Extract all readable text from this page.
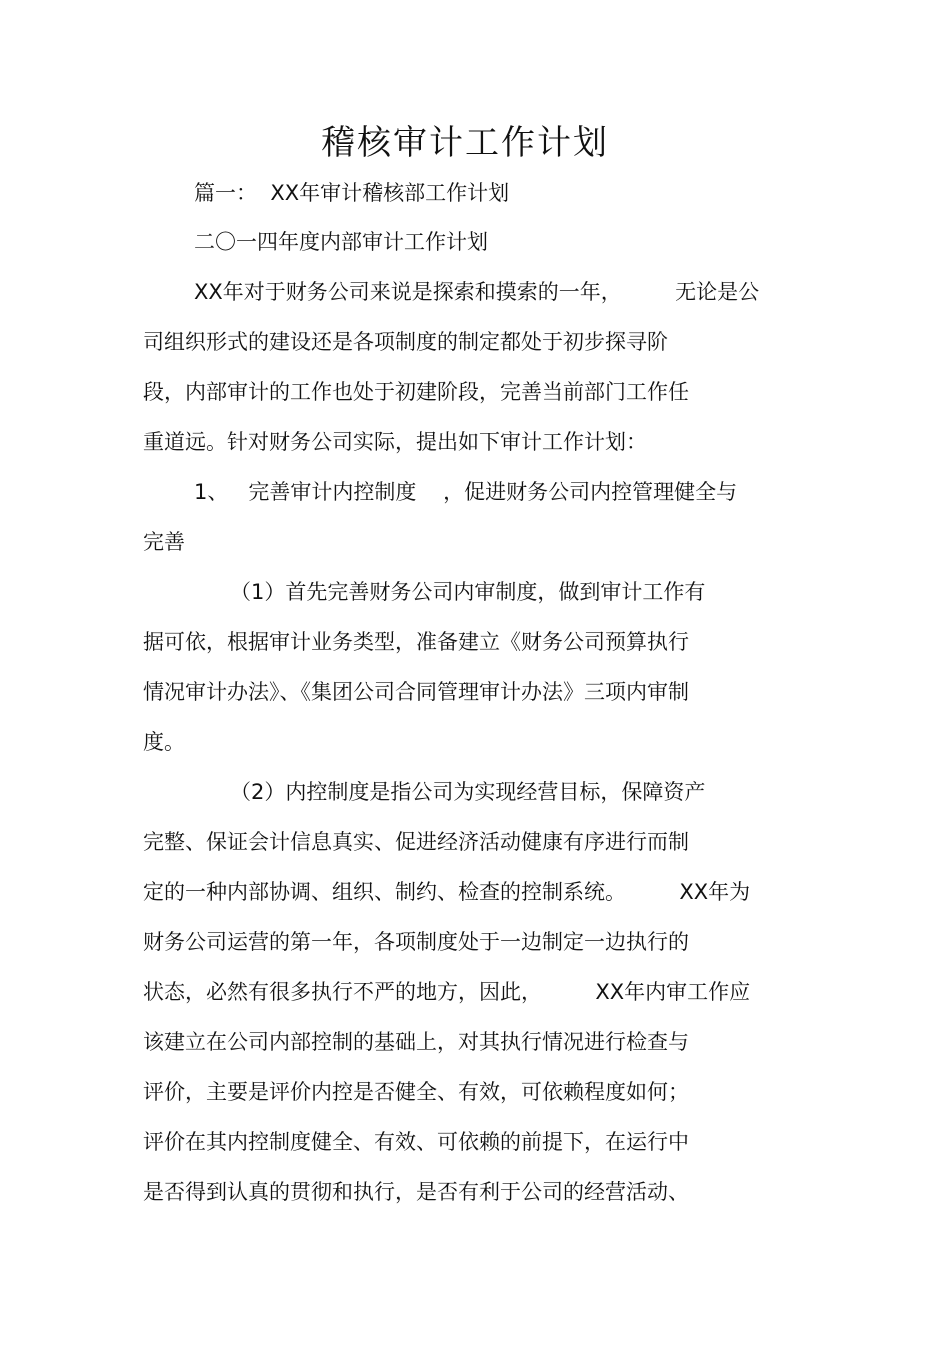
稽核审计工作计划

篇一：  XX年审计稽核部工作计划

二〇一四年度内部审计工作计划

XX年对于财务公司来说是探索和摸索的一年，        无论是公

司组织形式的建设还是各项制度的制定都处于初步探寻阶

段，内部审计的工作也处于初建阶段，完善当前部门工作任

重道远。针对财务公司实际，提出如下审计工作计划：

1、   完善审计内控制度    ，促进财务公司内控管理健全与

完善

（1）首先完善财务公司内审制度，做到审计工作有

据可依，根据审计业务类型，准备建立《财务公司预算执行

情况审计办法》、《集团公司合同管理审计办法》三项内审制

度。

（2）内控制度是指公司为实现经营目标，保障资产

完整、保证会计信息真实、促进经济活动健康有序进行而制

定的一种内部协调、组织、制约、检查的控制系统。        XX年为

财务公司运营的第一年，各项制度处于一边制定一边执行的

状态，必然有很多执行不严的地方，因此，        XX年内审工作应

该建立在公司内部控制的基础上，对其执行情况进行检查与

评价，主要是评价内控是否健全、有效，可依赖程度如何；

评价在其内控制度健全、有效、可依赖的前提下，在运行中

是否得到认真的贯彻和执行，是否有利于公司的经营活动、
